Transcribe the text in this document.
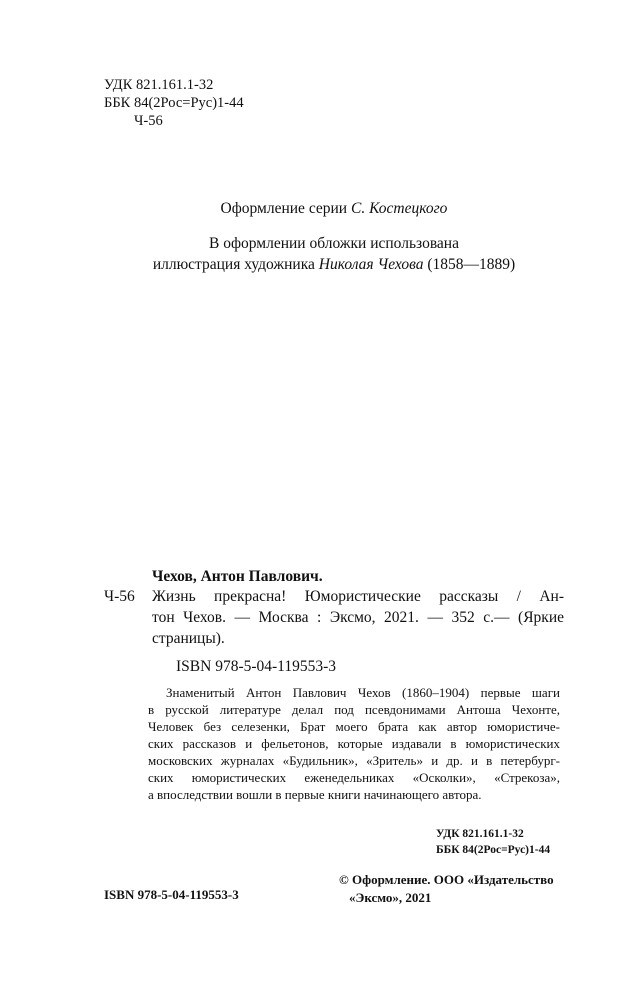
УДК 821.161.1-32
ББК 84(2Рос=Рус)1-44
Ч-56
Оформление серии С. Костецкого
В оформлении обложки использована
иллюстрация художника Николая Чехова (1858—1889)
Чехов, Антон Павлович.
Ч-56 Жизнь прекрасна! Юмористические рассказы / Ан-
тон Чехов. — Москва : Эксмо, 2021. — 352 с.— (Яркие
страницы).
ISBN 978-5-04-119553-3
Знаменитый Антон Павлович Чехов (1860–1904) первые шаги
в русской литературе делал под псевдонимами Антоша Чехонте,
Человек без селезенки, Брат моего брата как автор юмористиче-
ских рассказов и фельетонов, которые издавали в юмористических
московских журналах «Будильник», «Зритель» и др. и в петербург-
ских юмористических еженедельниках «Осколки», «Стрекоза»,
а впоследствии вошли в первые книги начинающего автора.
УДК 821.161.1-32
ББК 84(2Рос=Рус)1-44
© Оформление. ООО «Издательство
«Эксмо», 2021
ISBN 978-5-04-119553-3
